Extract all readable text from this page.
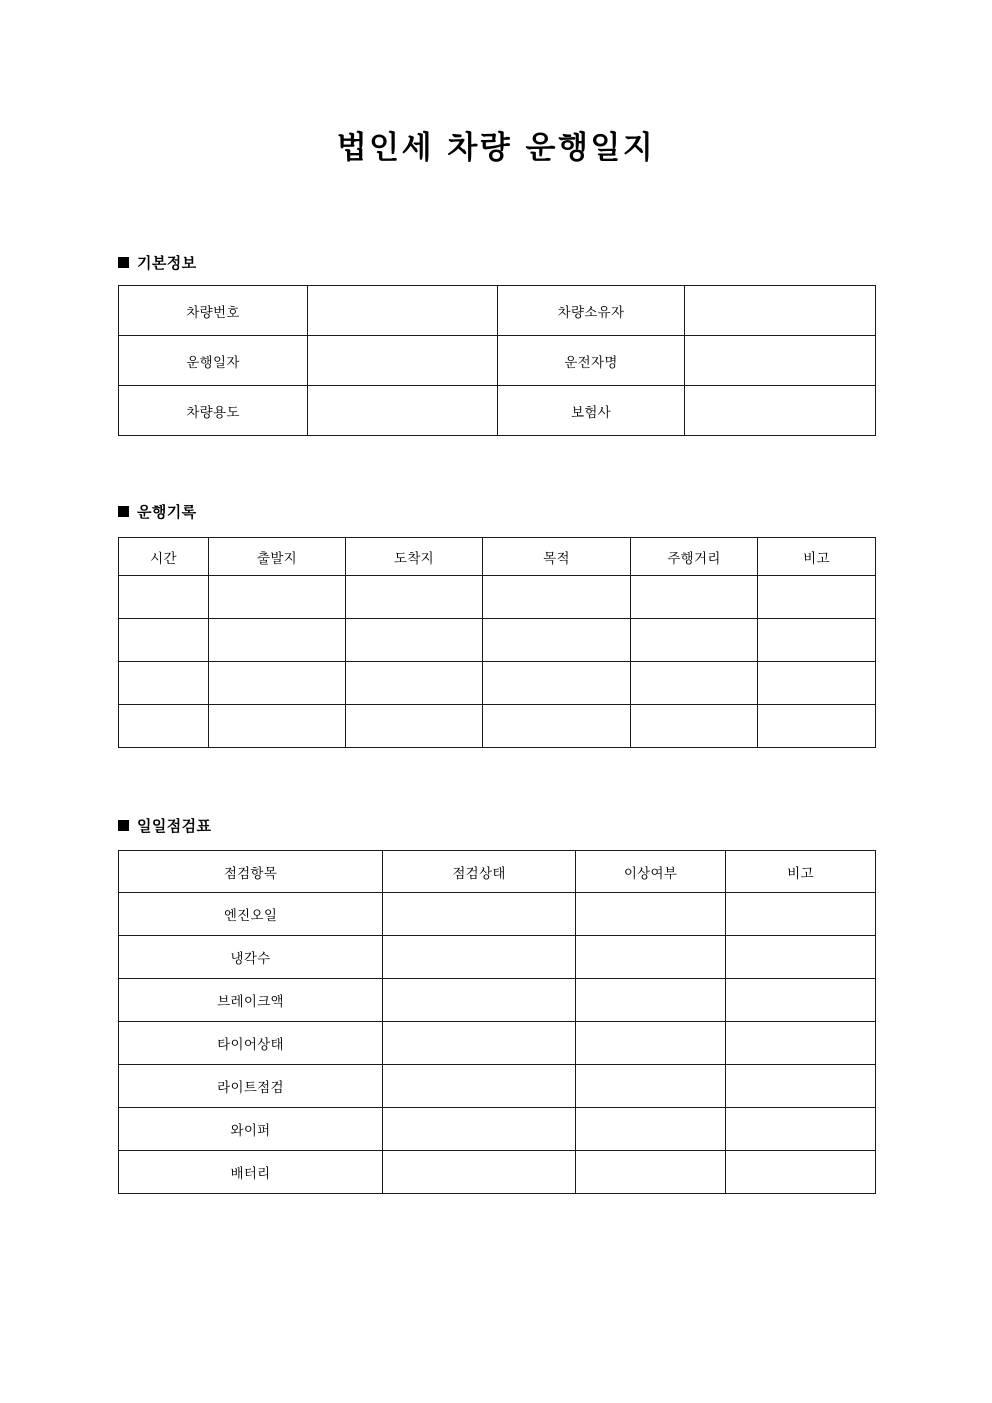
법인세 차량 운행일지
기본정보
차량번호		차량소유자	
운행일자		운전자명	
차량용도		보험사	
운행기록
시간	출발지	도착지	목적	주행거리	비고

일일점검표
점검항목	점검상태	이상여부	비고
엔진오일			
냉각수			
브레이크액			
타이어상태			
라이트점검			
와이퍼			
배터리			
